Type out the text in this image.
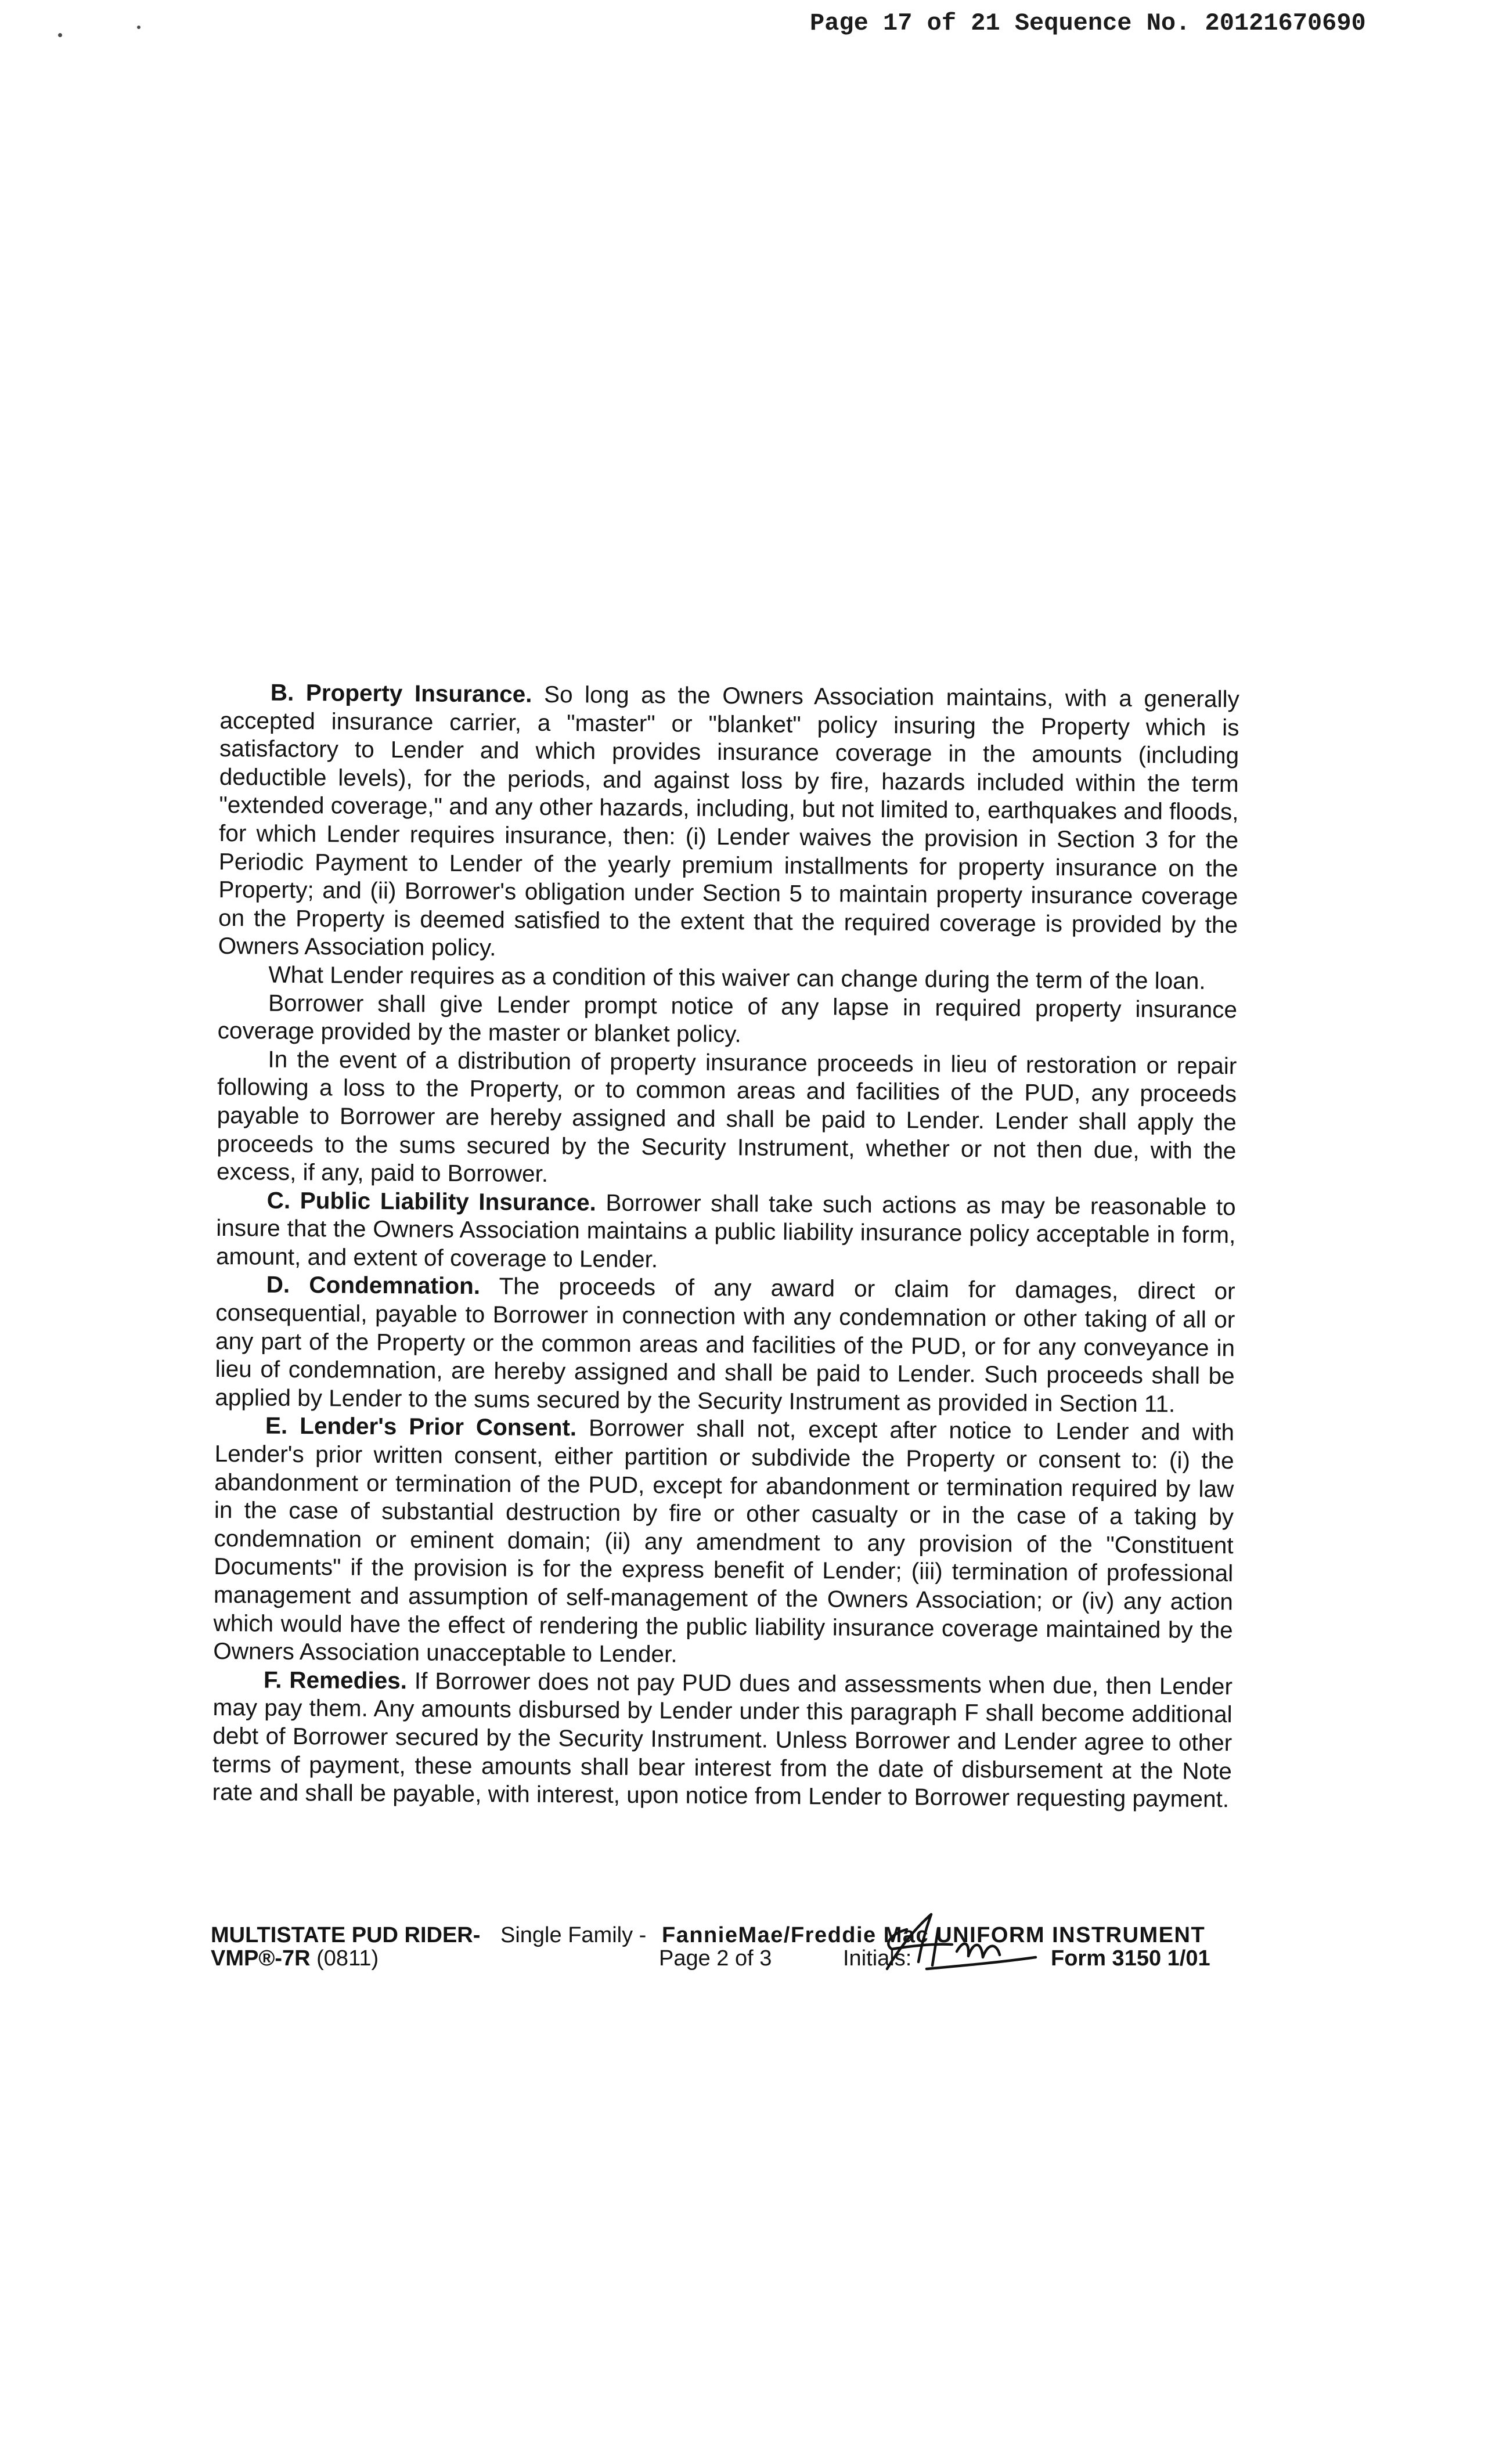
Page 17 of 21 Sequence No. 20121670690

B. Property Insurance. So long as the Owners Association maintains, with a generally accepted insurance carrier, a "master" or "blanket" policy insuring the Property which is satisfactory to Lender and which provides insurance coverage in the amounts (including deductible levels), for the periods, and against loss by fire, hazards included within the term "extended coverage," and any other hazards, including, but not limited to, earthquakes and floods, for which Lender requires insurance, then: (i) Lender waives the provision in Section 3 for the Periodic Payment to Lender of the yearly premium installments for property insurance on the Property; and (ii) Borrower's obligation under Section 5 to maintain property insurance coverage on the Property is deemed satisfied to the extent that the required coverage is provided by the Owners Association policy.

What Lender requires as a condition of this waiver can change during the term of the loan.

Borrower shall give Lender prompt notice of any lapse in required property insurance coverage provided by the master or blanket policy.

In the event of a distribution of property insurance proceeds in lieu of restoration or repair following a loss to the Property, or to common areas and facilities of the PUD, any proceeds payable to Borrower are hereby assigned and shall be paid to Lender. Lender shall apply the proceeds to the sums secured by the Security Instrument, whether or not then due, with the excess, if any, paid to Borrower.

C. Public Liability Insurance. Borrower shall take such actions as may be reasonable to insure that the Owners Association maintains a public liability insurance policy acceptable in form, amount, and extent of coverage to Lender.

D. Condemnation. The proceeds of any award or claim for damages, direct or consequential, payable to Borrower in connection with any condemnation or other taking of all or any part of the Property or the common areas and facilities of the PUD, or for any conveyance in lieu of condemnation, are hereby assigned and shall be paid to Lender. Such proceeds shall be applied by Lender to the sums secured by the Security Instrument as provided in Section 11.

E. Lender's Prior Consent. Borrower shall not, except after notice to Lender and with Lender's prior written consent, either partition or subdivide the Property or consent to: (i) the abandonment or termination of the PUD, except for abandonment or termination required by law in the case of substantial destruction by fire or other casualty or in the case of a taking by condemnation or eminent domain; (ii) any amendment to any provision of the "Constituent Documents" if the provision is for the express benefit of Lender; (iii) termination of professional management and assumption of self-management of the Owners Association; or (iv) any action which would have the effect of rendering the public liability insurance coverage maintained by the Owners Association unacceptable to Lender.

F. Remedies. If Borrower does not pay PUD dues and assessments when due, then Lender may pay them. Any amounts disbursed by Lender under this paragraph F shall become additional debt of Borrower secured by the Security Instrument. Unless Borrower and Lender agree to other terms of payment, these amounts shall bear interest from the date of disbursement at the Note rate and shall be payable, with interest, upon notice from Lender to Borrower requesting payment.

MULTISTATE PUD RIDER- Single Family - FannieMae/Freddie Mac UNIFORM INSTRUMENT
VMP®-7R (0811)	Page 2 of 3	Initials:	Form 3150 1/01
